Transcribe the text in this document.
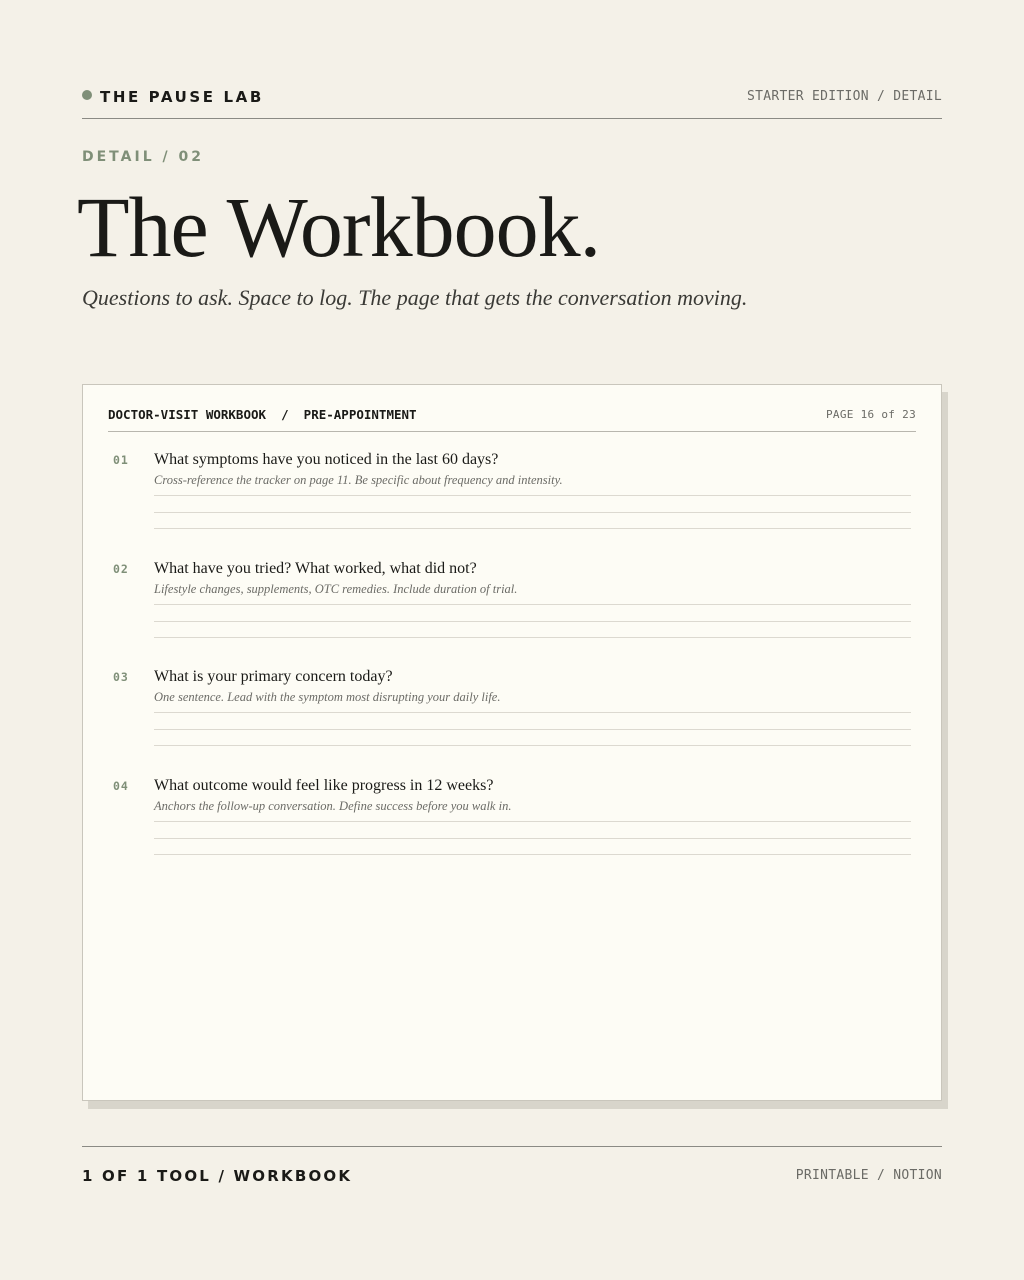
THE PAUSE LAB	STARTER EDITION / DETAIL
DETAIL / 02
The Workbook.
Questions to ask. Space to log. The page that gets the conversation moving.
DOCTOR-VISIT WORKBOOK  /  PRE-APPOINTMENT	PAGE 16 of 23
01 What symptoms have you noticed in the last 60 days?
Cross-reference the tracker on page 11. Be specific about frequency and intensity.
02 What have you tried? What worked, what did not?
Lifestyle changes, supplements, OTC remedies. Include duration of trial.
03 What is your primary concern today?
One sentence. Lead with the symptom most disrupting your daily life.
04 What outcome would feel like progress in 12 weeks?
Anchors the follow-up conversation. Define success before you walk in.
1 OF 1 TOOL / WORKBOOK	PRINTABLE / NOTION
